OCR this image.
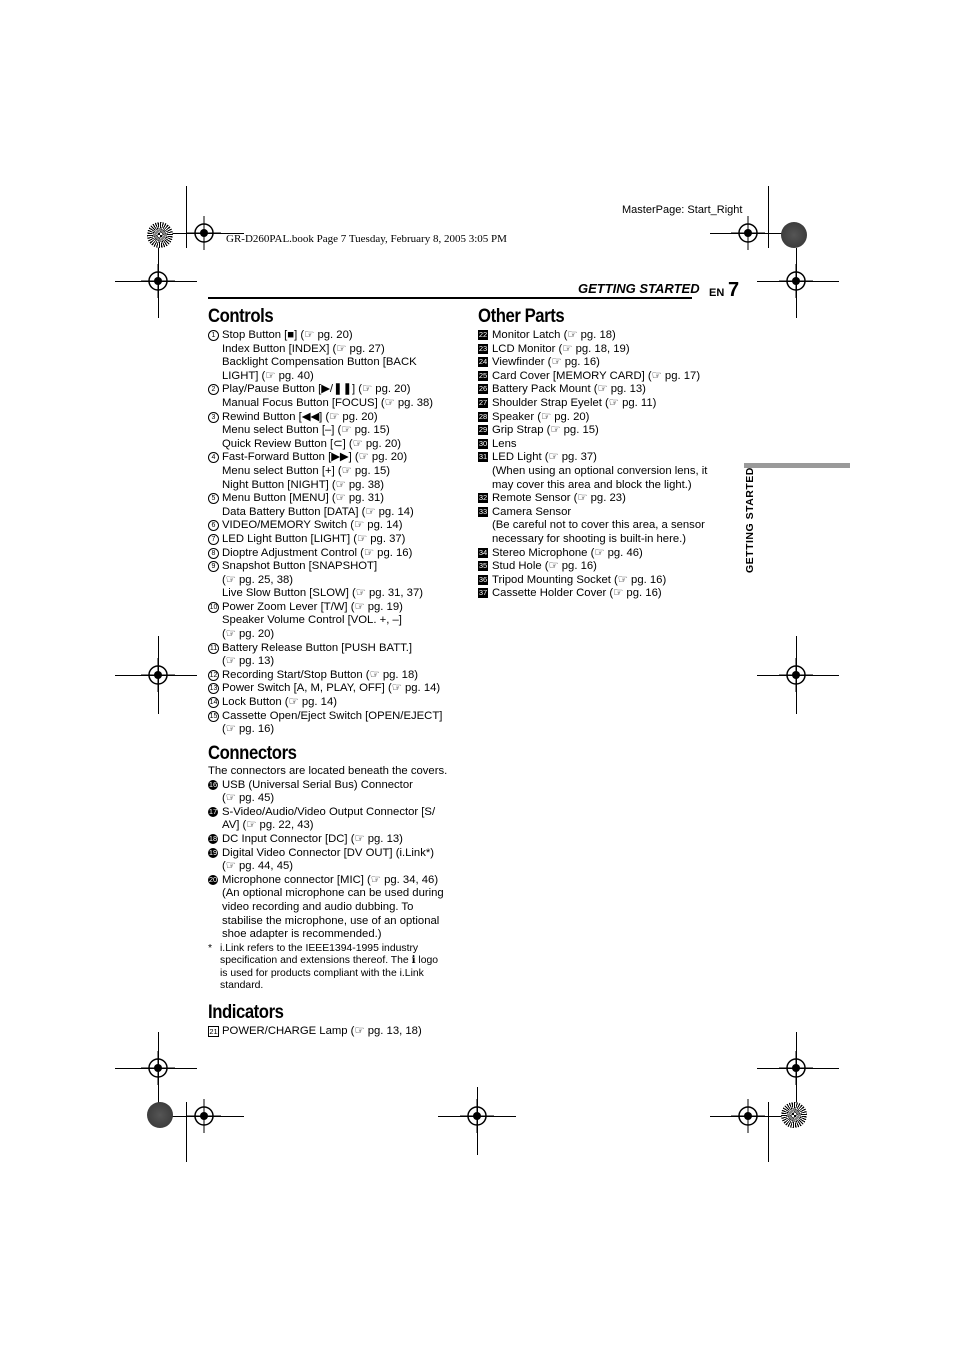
MasterPage: Start_Right
GR-D260PAL.book Page 7 Tuesday, February 8, 2005 3:05 PM
GETTING STARTED EN 7
GETTING STARTED
Controls
1 Stop Button [■] (☞ pg. 20)
Index Button [INDEX] (☞ pg. 27)
Backlight Compensation Button [BACK
LIGHT] (☞ pg. 40)
2 Play/Pause Button [▶/❚❚] (☞ pg. 20)
Manual Focus Button [FOCUS] (☞ pg. 38)
3 Rewind Button [◀◀] (☞ pg. 20)
Menu select Button [–] (☞ pg. 15)
Quick Review Button [⊂] (☞ pg. 20)
4 Fast-Forward Button [▶▶] (☞ pg. 20)
Menu select Button [+] (☞ pg. 15)
Night Button [NIGHT] (☞ pg. 38)
5 Menu Button [MENU] (☞ pg. 31)
Data Battery Button [DATA] (☞ pg. 14)
6 VIDEO/MEMORY Switch (☞ pg. 14)
7 LED Light Button [LIGHT] (☞ pg. 37)
8 Dioptre Adjustment Control (☞ pg. 16)
9 Snapshot Button [SNAPSHOT]
(☞ pg. 25, 38)
Live Slow Button [SLOW] (☞ pg. 31, 37)
10 Power Zoom Lever [T/W] (☞ pg. 19)
Speaker Volume Control [VOL. +, –]
(☞ pg. 20)
11 Battery Release Button [PUSH BATT.]
(☞ pg. 13)
12 Recording Start/Stop Button (☞ pg. 18)
13 Power Switch [A, M, PLAY, OFF] (☞ pg. 14)
14 Lock Button (☞ pg. 14)
15 Cassette Open/Eject Switch [OPEN/EJECT]
(☞ pg. 16)
Connectors
The connectors are located beneath the covers.
16 USB (Universal Serial Bus) Connector
(☞ pg. 45)
17 S-Video/Audio/Video Output Connector [S/
AV] (☞ pg. 22, 43)
18 DC Input Connector [DC] (☞ pg. 13)
19 Digital Video Connector [DV OUT] (i.Link*)
(☞ pg. 44, 45)
20 Microphone connector [MIC] (☞ pg. 34, 46)
(An optional microphone can be used during
video recording and audio dubbing. To
stabilise the microphone, use of an optional
shoe adapter is recommended.)
* i.Link refers to the IEEE1394-1995 industry
specification and extensions thereof. The ℹ logo
is used for products compliant with the i.Link
standard.
Indicators
21 POWER/CHARGE Lamp (☞ pg. 13, 18)
Other Parts
22 Monitor Latch (☞ pg. 18)
23 LCD Monitor (☞ pg. 18, 19)
24 Viewfinder (☞ pg. 16)
25 Card Cover [MEMORY CARD] (☞ pg. 17)
26 Battery Pack Mount (☞ pg. 13)
27 Shoulder Strap Eyelet (☞ pg. 11)
28 Speaker (☞ pg. 20)
29 Grip Strap (☞ pg. 15)
30 Lens
31 LED Light (☞ pg. 37)
(When using an optional conversion lens, it
may cover this area and block the light.)
32 Remote Sensor (☞ pg. 23)
33 Camera Sensor
(Be careful not to cover this area, a sensor
necessary for shooting is built-in here.)
34 Stereo Microphone (☞ pg. 46)
35 Stud Hole (☞ pg. 16)
36 Tripod Mounting Socket (☞ pg. 16)
37 Cassette Holder Cover (☞ pg. 16)
